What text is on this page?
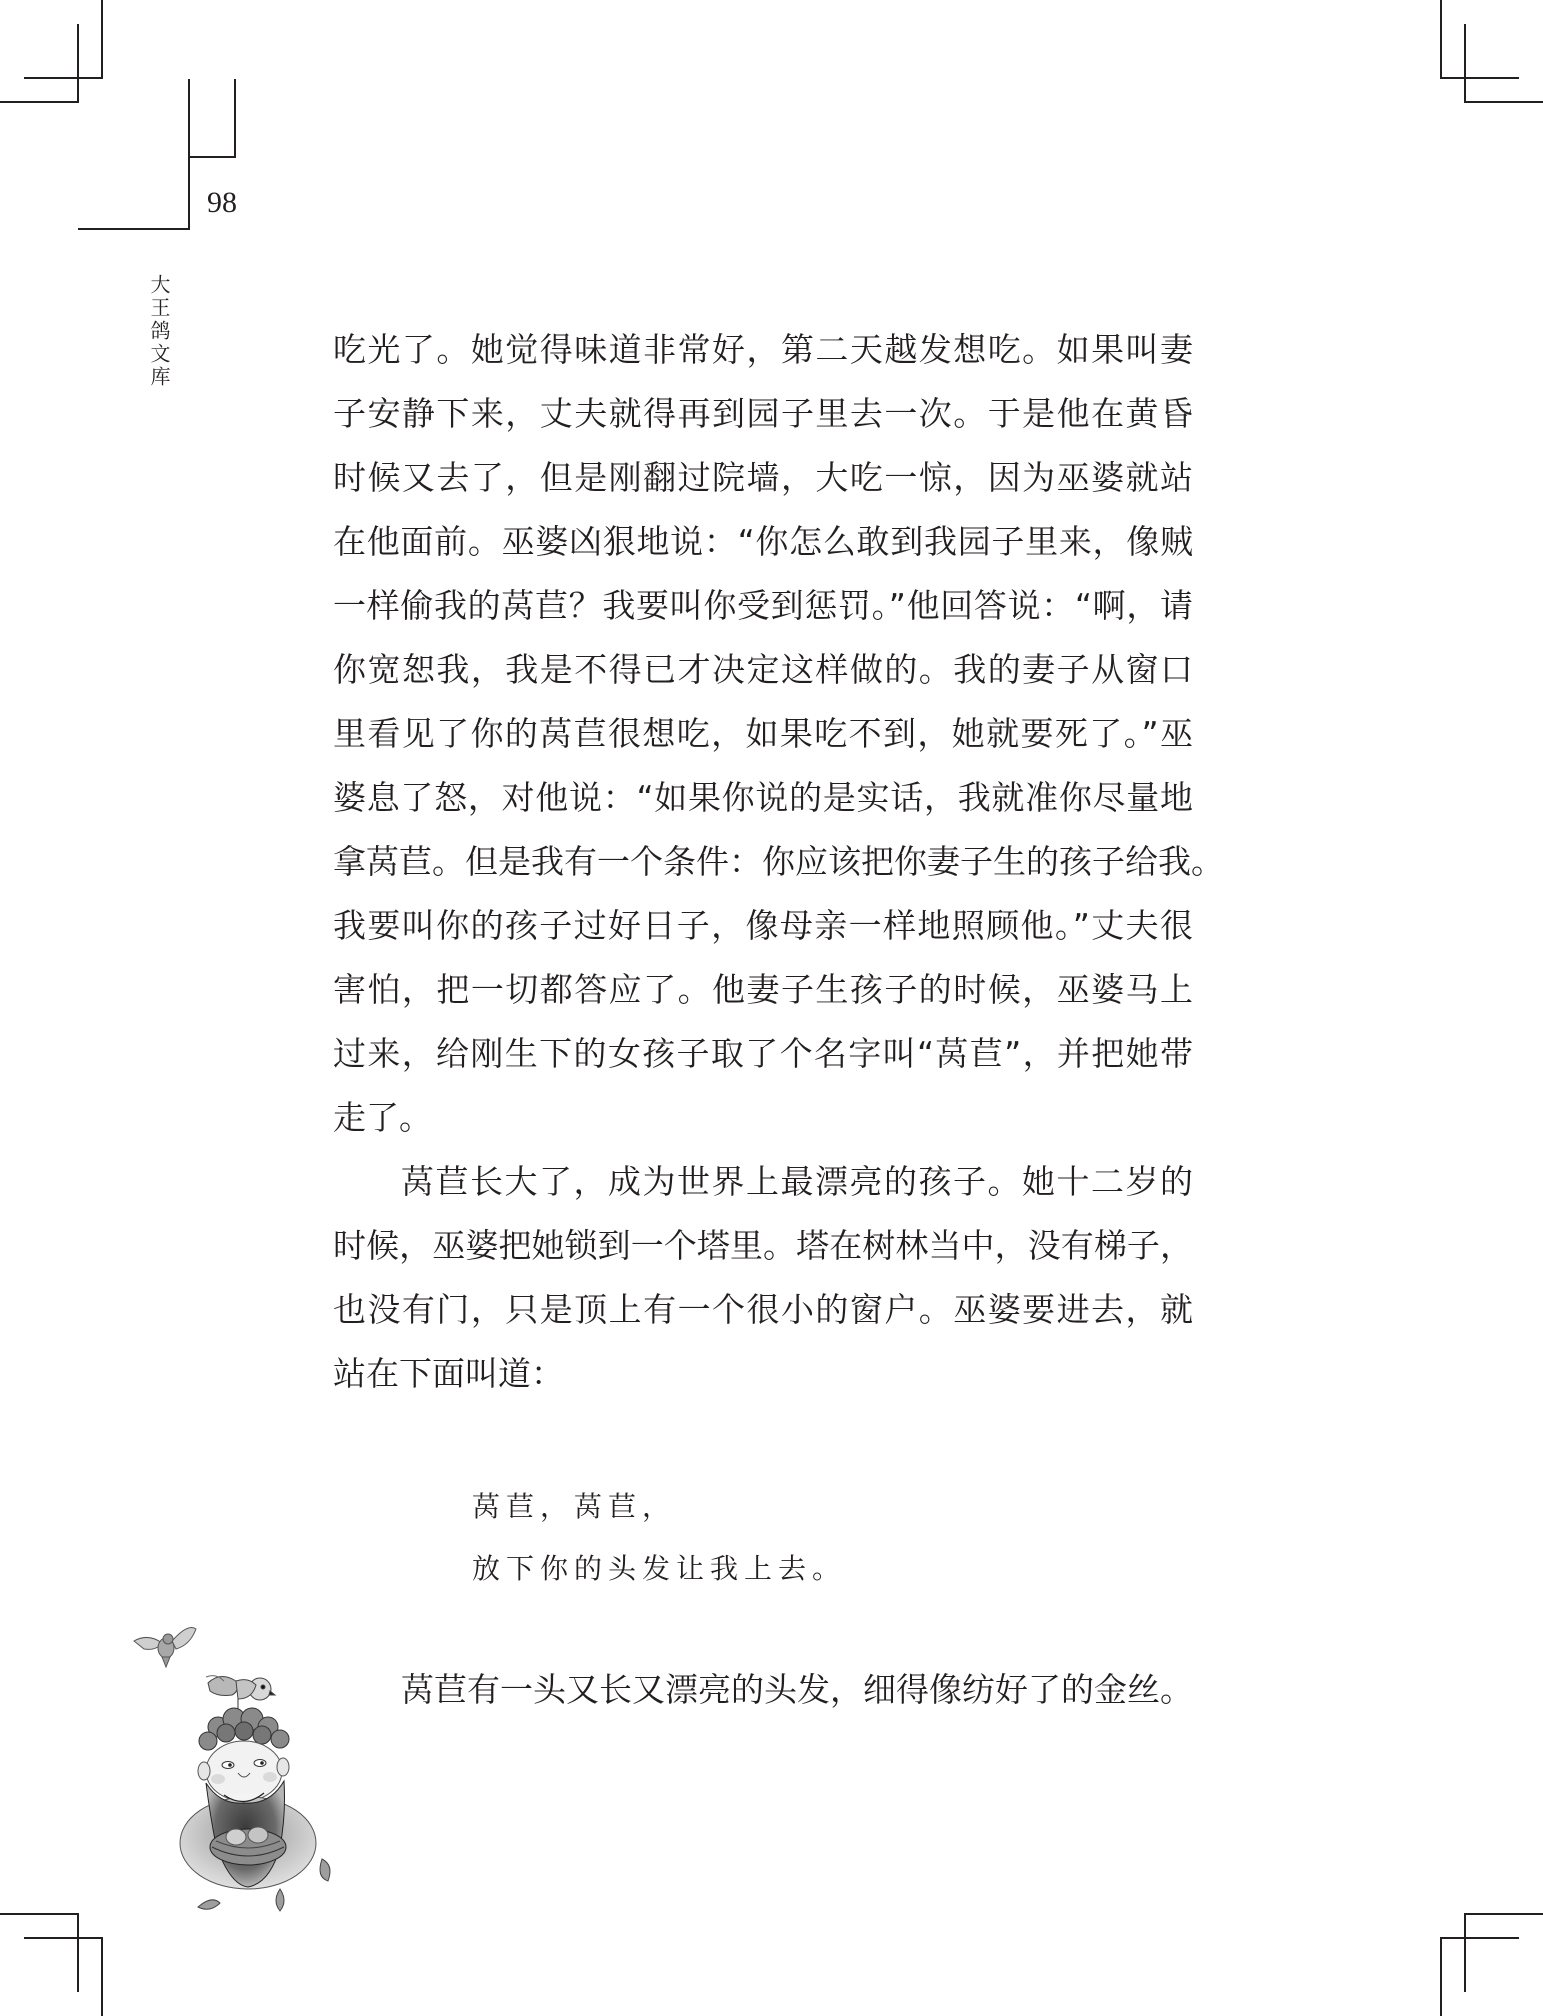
98
大王鸽文库	吃光了。她觉得味道非常好，第二天越发想吃。如果叫妻
子安静下来，丈夫就得再到园子里去一次。于是他在黄昏
时候又去了，但是刚翻过院墙，大吃一惊，因为巫婆就站
在他面前。巫婆凶狠地说：“你怎么敢到我园子里来，像贼
一样偷我的莴苣？我要叫你受到惩罚。”他回答说：“啊，请
你宽恕我，我是不得已才决定这样做的。我的妻子从窗口
里看见了你的莴苣很想吃，如果吃不到，她就要死了。”巫
婆息了怒，对他说：“如果你说的是实话，我就准你尽量地
拿莴苣。但是我有一个条件：你应该把你妻子生的孩子给我。
我要叫你的孩子过好日子，像母亲一样地照顾他。”丈夫很
害怕，把一切都答应了。他妻子生孩子的时候，巫婆马上
过来，给刚生下的女孩子取了个名字叫“莴苣”，并把她带
走了。
莴苣长大了，成为世界上最漂亮的孩子。她十二岁的
时候，巫婆把她锁到一个塔里。塔在树林当中，没有梯子，
也没有门，只是顶上有一个很小的窗户。巫婆要进去，就
站在下面叫道：
莴苣，莴苣，
放下你的头发让我上去。
莴苣有一头又长又漂亮的头发，细得像纺好了的金丝。
